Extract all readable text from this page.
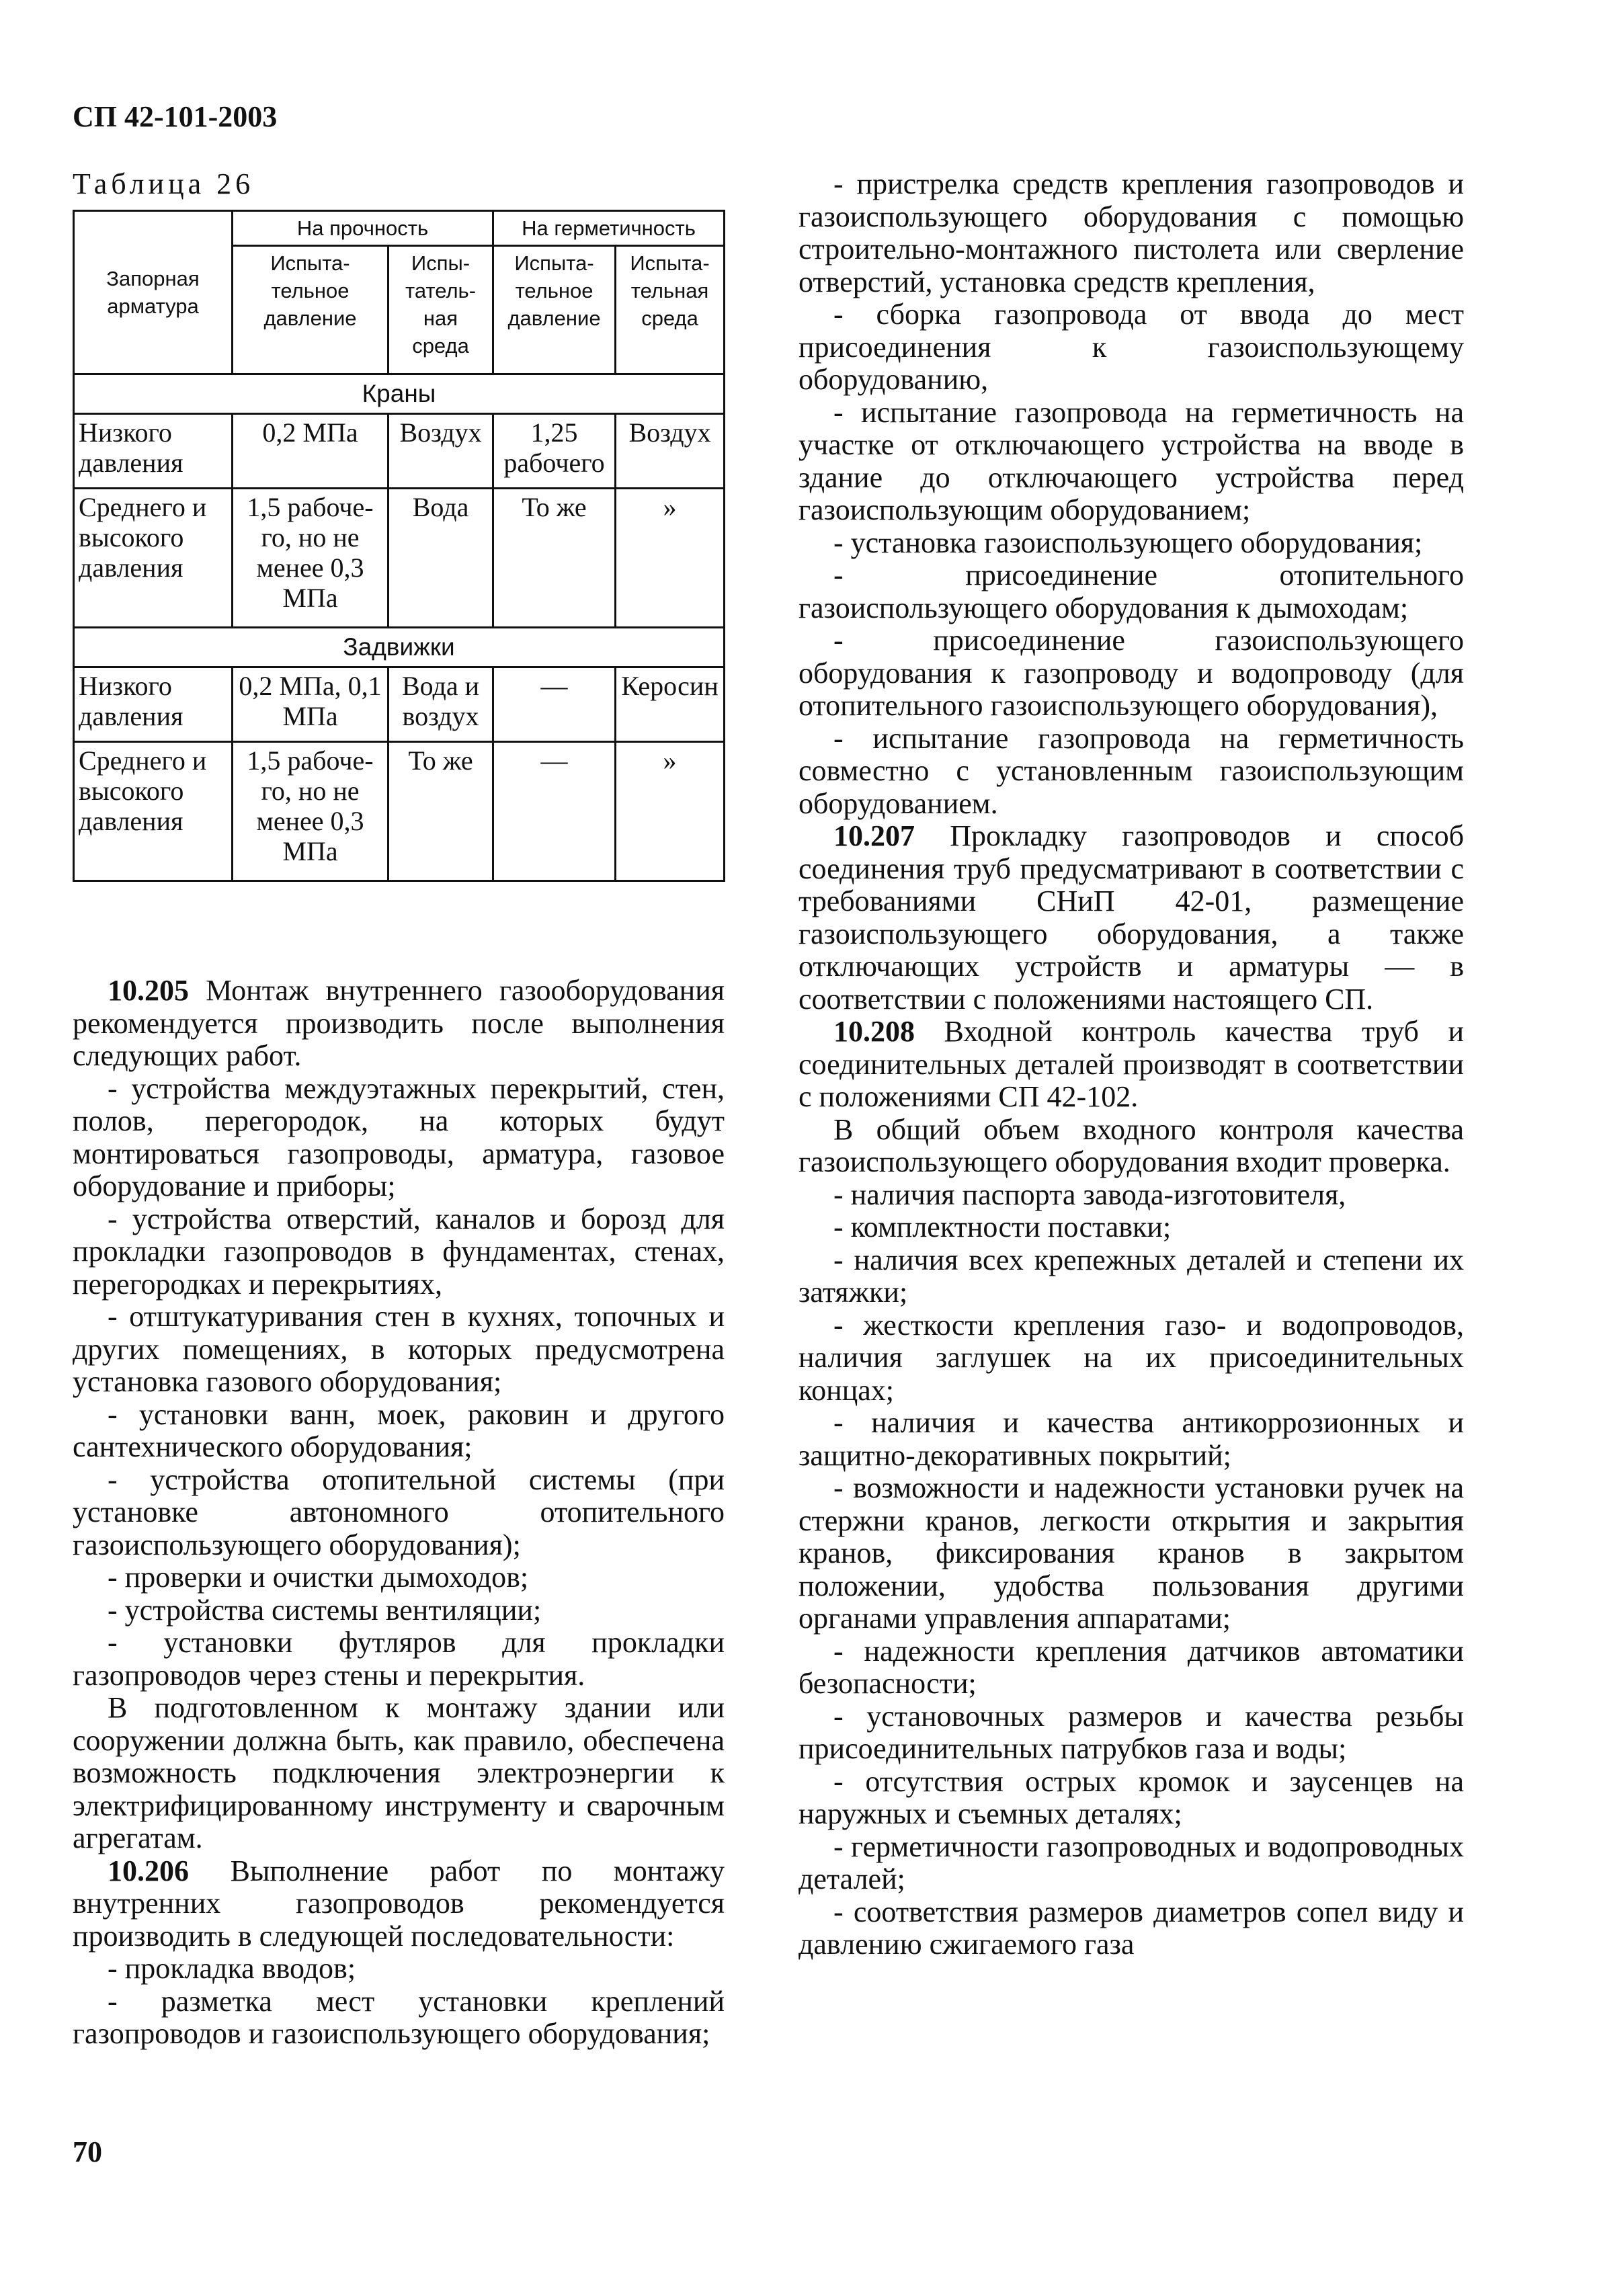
СП 42-101-2003
Таблица 26
Запорная арматура	На прочность		На герметичность	
	Испыта-тельное давление	Испы-татель-ная среда	Испыта-тельное давление	Испыта-тельная среда
Краны				
Низкого давления	0,2 МПа	Воздух	1,25 рабочего	Воздух
Среднего и высокого давления	1,5 рабоче-го, но не менее 0,3 МПа	Вода	То же	»
Задвижки				
Низкого давления	0,2 МПа, 0,1 МПа	Вода и воздух	—	Керосин
Среднего и высокого давления	1,5 рабоче-го, но не менее 0,3 МПа	То же	—	»

10.205 Монтаж внутреннего газооборудования рекомендуется производить после выполнения следующих работ.

- устройства междуэтажных перекрытий, стен, полов, перегородок, на которых будут монтироваться газопроводы, арматура, газовое оборудование и приборы;

- устройства отверстий, каналов и борозд для прокладки газопроводов в фундаментах, стенах, перегородках и перекрытиях,

- отштукатуривания стен в кухнях, топочных и других помещениях, в которых предусмотрена установка газового оборудования;

- установки ванн, моек, раковин и другого сантехнического оборудования;

- устройства отопительной системы (при установке автономного отопительного газоиспользующего оборудования);

- проверки и очистки дымоходов;

- устройства системы вентиляции;

- установки футляров для прокладки газопроводов через стены и перекрытия.

В подготовленном к монтажу здании или сооружении должна быть, как правило, обеспечена возможность подключения электроэнергии к электрифицированному инструменту и сварочным агрегатам.

10.206 Выполнение работ по монтажу внутренних газопроводов рекомендуется производить в следующей последовательности:

- прокладка вводов;

- разметка мест установки креплений газопроводов и газоиспользующего оборудования;

- пристрелка средств крепления газопроводов и газоиспользующего оборудования с помощью строительно-монтажного пистолета или сверление отверстий, установка средств крепления,

- сборка газопровода от ввода до мест присоединения к газоиспользующему оборудованию,

- испытание газопровода на герметичность на участке от отключающего устройства на вводе в здание до отключающего устройства перед газоиспользующим оборудованием;

- установка газоиспользующего оборудования;

- присоединение отопительного газоиспользующего оборудования к дымоходам;

- присоединение газоиспользующего оборудования к газопроводу и водопроводу (для отопительного газоиспользующего оборудования),

- испытание газопровода на герметичность совместно с установленным газоиспользующим оборудованием.

10.207 Прокладку газопроводов и способ соединения труб предусматривают в соответствии с требованиями СНиП 42-01, размещение газоиспользующего оборудования, а также отключающих устройств и арматуры — в соответствии с положениями настоящего СП.

10.208 Входной контроль качества труб и соединительных деталей производят в соответствии с положениями СП 42-102.

В общий объем входного контроля качества газоиспользующего оборудования входит проверка.

- наличия паспорта завода-изготовителя,

- комплектности поставки;

- наличия всех крепежных деталей и степени их затяжки;

- жесткости крепления газо- и водопроводов, наличия заглушек на их присоединительных концах;

- наличия и качества антикоррозионных и защитно-декоративных покрытий;

- возможности и надежности установки ручек на стержни кранов, легкости открытия и закрытия кранов, фиксирования кранов в закрытом положении, удобства пользования другими органами управления аппаратами;

- надежности крепления датчиков автоматики безопасности;

- установочных размеров и качества резьбы присоединительных патрубков газа и воды;

- отсутствия острых кромок и заусенцев на наружных и съемных деталях;

- герметичности газопроводных и водопроводных деталей;

- соответствия размеров диаметров сопел виду и давлению сжигаемого газа

70
